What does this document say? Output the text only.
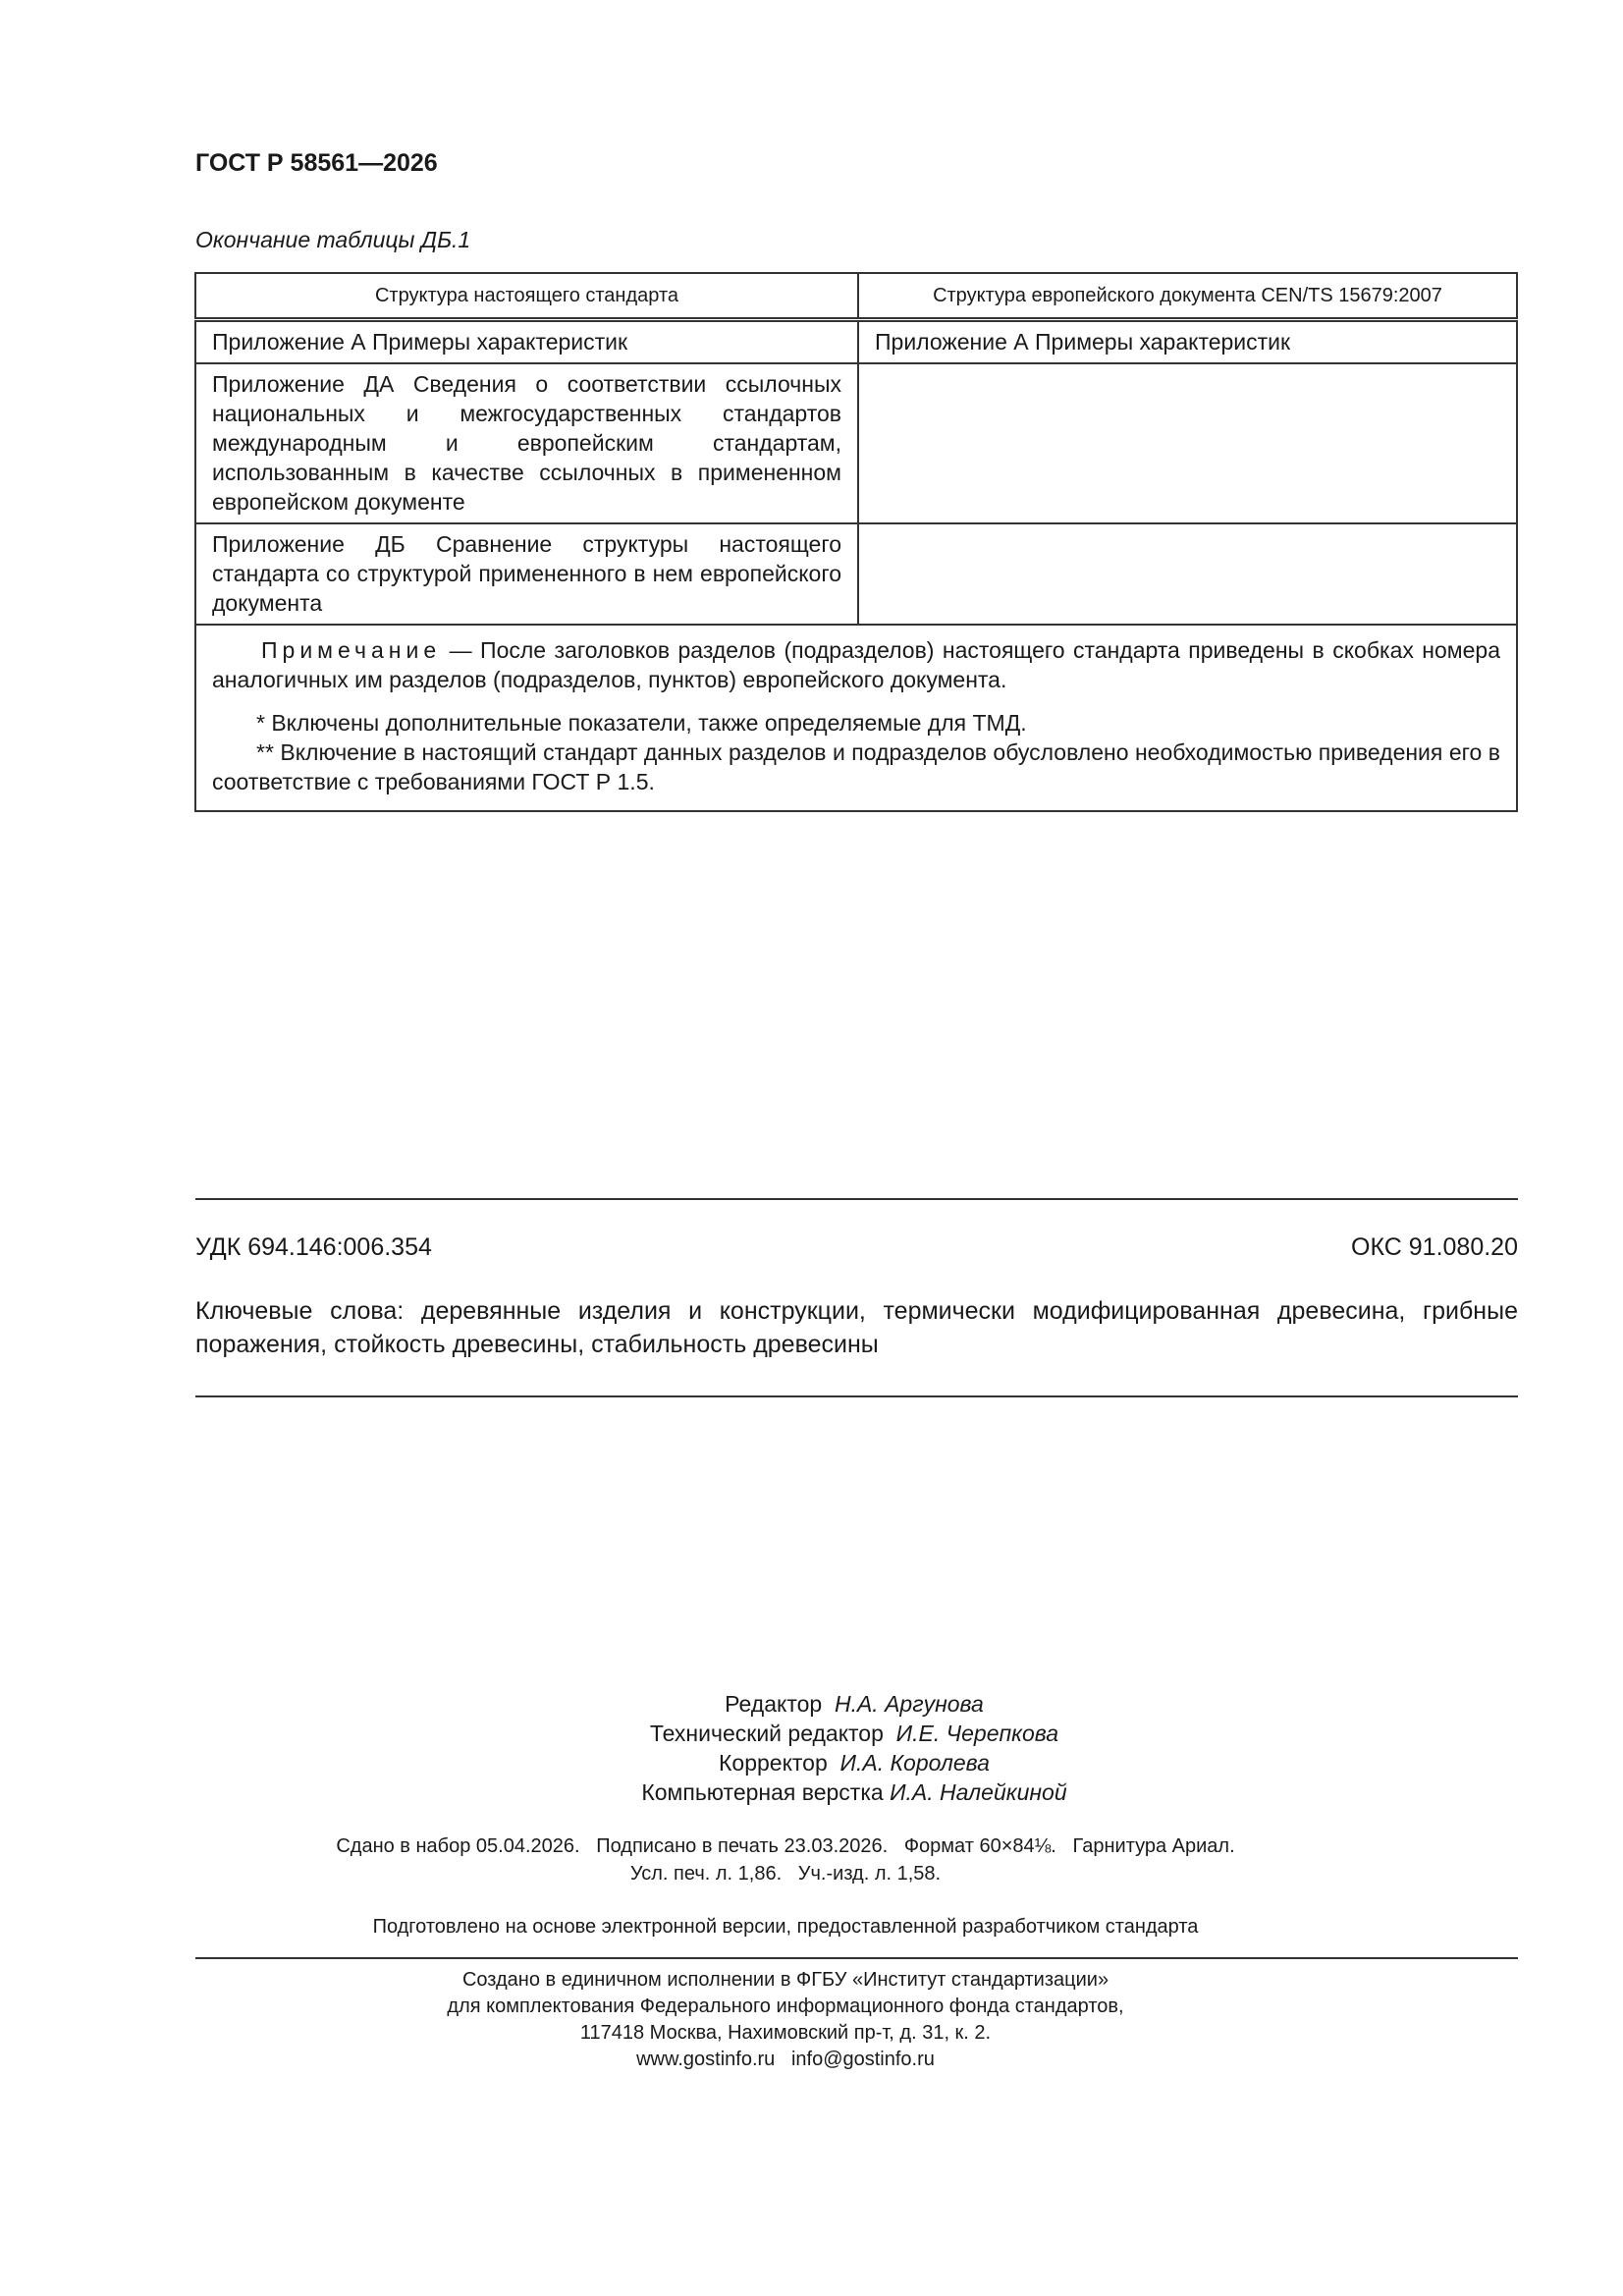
ГОСТ Р 58561—2026
Окончание таблицы ДБ.1
Структура настоящего стандарта	Структура европейского документа CEN/TS 15679:2007

Приложение А Примеры характеристик	Приложение А Примеры характеристик

Приложение ДА Сведения о соответствии ссылочных национальных и межгосударственных стандартов международным и европейским стандартам, использованным в качестве ссылочных в примененном европейском документе	

Приложение ДБ Сравнение структуры настоящего стандарта со структурой примененного в нем европейского документа	

Примечание — После заголовков разделов (подразделов) настоящего стандарта приведены в скобках номера аналогичных им разделов (подразделов, пунктов) европейского документа.

* Включены дополнительные показатели, также определяемые для ТМД.

** Включение в настоящий стандарт данных разделов и подразделов обусловлено необходимостью приведения его в соответствие с требованиями ГОСТ Р 1.5.	

УДК 694.146:006.354	ОКС 91.080.20
Ключевые слова: деревянные изделия и конструкции, термически модифицированная древесина, грибные поражения, стойкость древесины, стабильность древесины
Редактор Н.А. Аргунова
Технический редактор И.Е. Черепкова
Корректор И.А. Королева
Компьютерная верстка И.А. Налейкиной
Сдано в набор 05.04.2026.   Подписано в печать 23.03.2026.   Формат 60×84⅛.   Гарнитура Ариал.
Усл. печ. л. 1,86.   Уч.-изд. л. 1,58.
Подготовлено на основе электронной версии, предоставленной разработчиком стандарта
Создано в единичном исполнении в ФГБУ «Институт стандартизации»
для комплектования Федерального информационного фонда стандартов,
117418 Москва, Нахимовский пр-т, д. 31, к. 2.
www.gostinfo.ru   info@gostinfo.ru
